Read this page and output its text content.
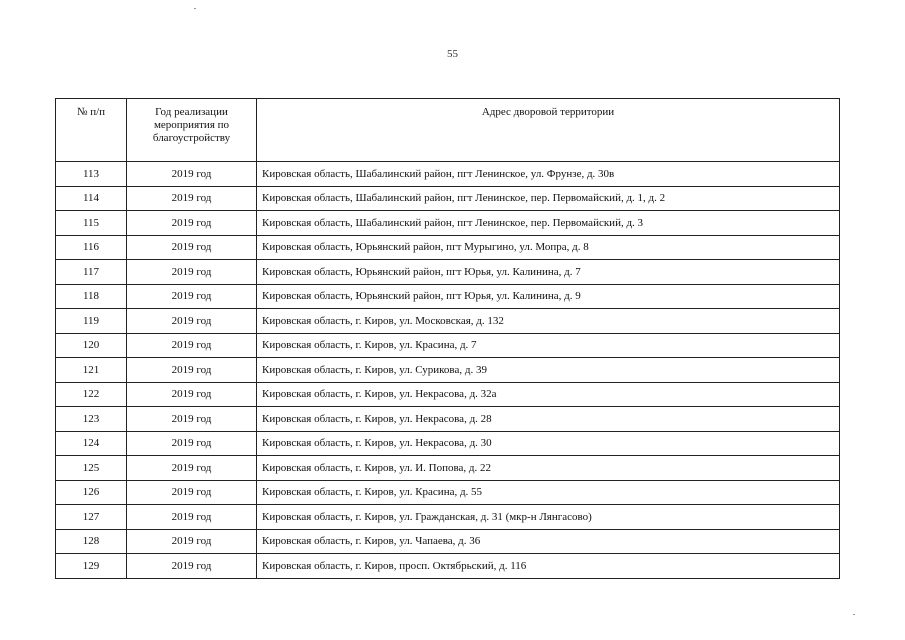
55
№ п/п	Год реализации мероприятия по благоустройству	Адрес дворовой территории
113	2019 год	Кировская область, Шабалинский район, пгт Ленинское, ул. Фрунзе, д. 30в
114	2019 год	Кировская область, Шабалинский район, пгт Ленинское, пер. Первомайский, д. 1, д. 2
115	2019 год	Кировская область, Шабалинский район, пгт Ленинское, пер. Первомайский, д. 3
116	2019 год	Кировская область, Юрьянский район, пгт Мурыгино, ул. Мопра, д. 8
117	2019 год	Кировская область, Юрьянский район, пгт Юрья, ул. Калинина, д. 7
118	2019 год	Кировская область, Юрьянский район, пгт Юрья, ул. Калинина, д. 9
119	2019 год	Кировская область, г. Киров, ул. Московская, д. 132
120	2019 год	Кировская область, г. Киров, ул. Красина, д. 7
121	2019 год	Кировская область, г. Киров, ул. Сурикова, д. 39
122	2019 год	Кировская область, г. Киров, ул. Некрасова, д. 32а
123	2019 год	Кировская область, г. Киров, ул. Некрасова, д. 28
124	2019 год	Кировская область, г. Киров, ул. Некрасова, д. 30
125	2019 год	Кировская область, г. Киров, ул. И. Попова, д. 22
126	2019 год	Кировская область, г. Киров, ул. Красина, д. 55
127	2019 год	Кировская область, г. Киров, ул. Гражданская, д. 31 (мкр-н Лянгасово)
128	2019 год	Кировская область, г. Киров, ул. Чапаева, д. 36
129	2019 год	Кировская область, г. Киров, просп. Октябрьский, д. 116
